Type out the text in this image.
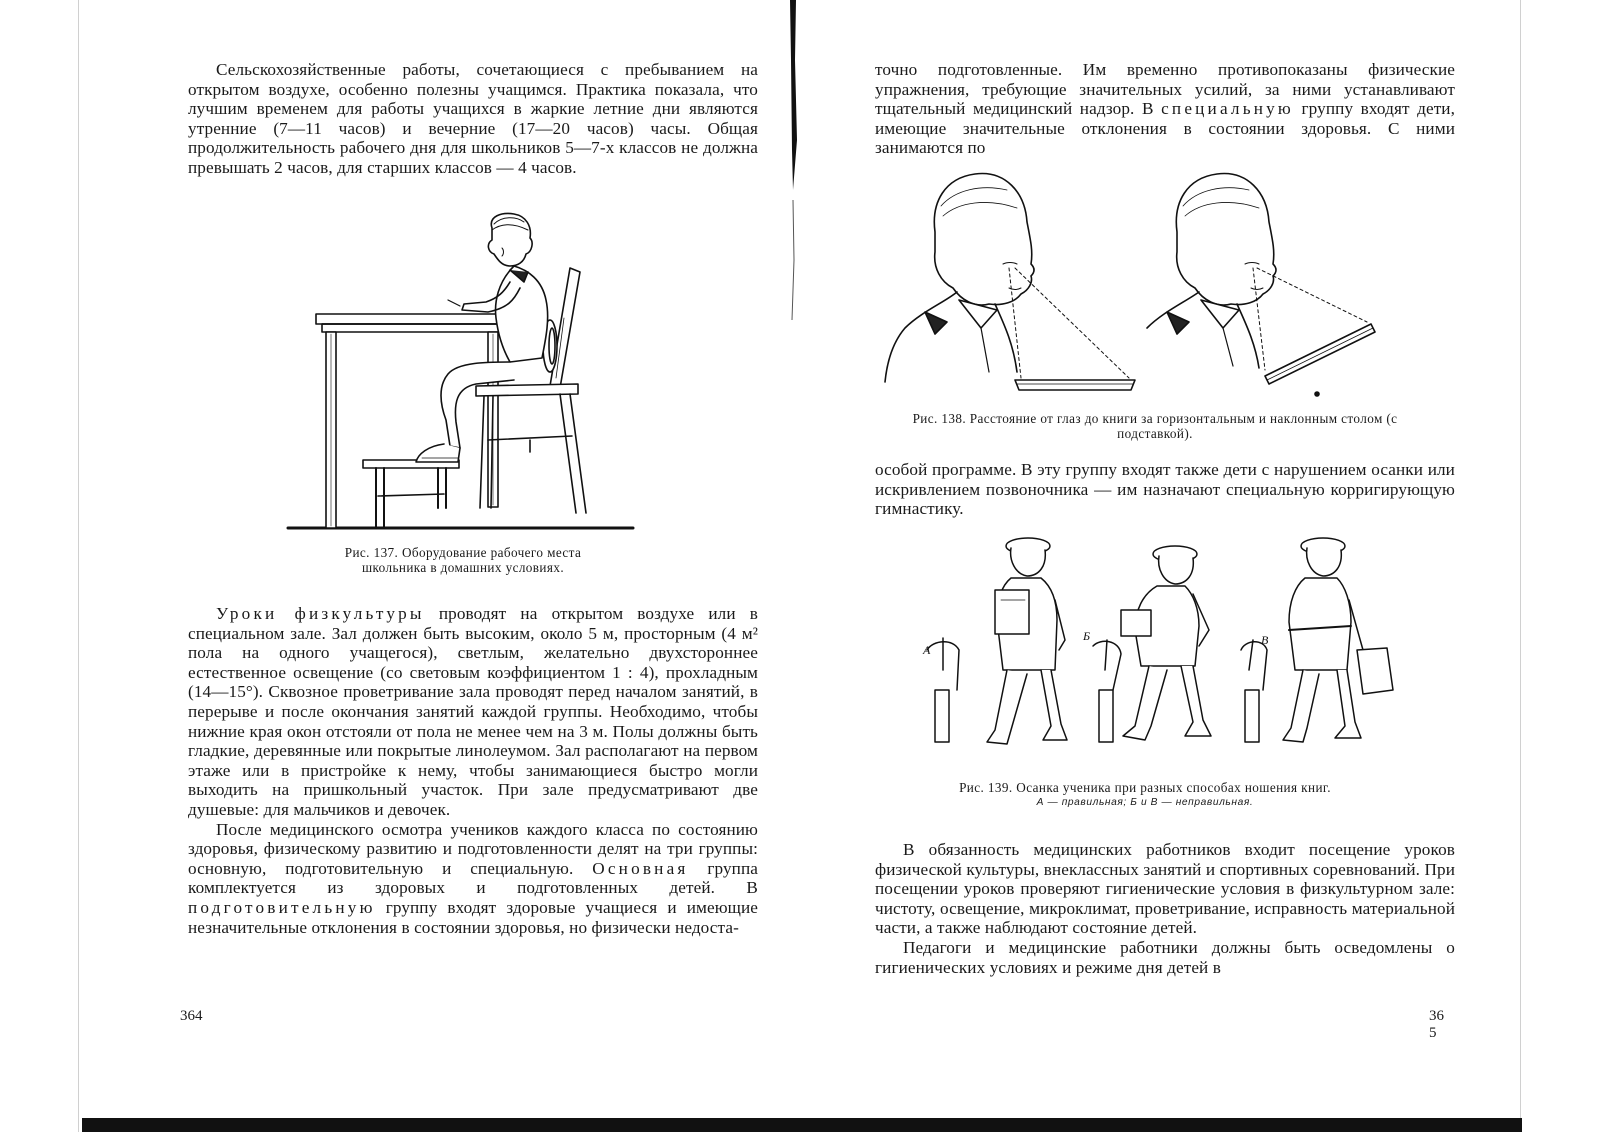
Сельскохозяйственные работы, сочетающиеся с пребыванием на открытом воздухе, особенно полезны учащимся. Практика показала, что лучшим временем для работы учащихся в жаркие летние дни являются утренние (7—11 часов) и вечерние (17—20 часов) часы. Общая продолжительность рабочего дня для школьников 5—7-х классов не должна превышать 2 часов, для старших классов — 4 часов.

Рис. 137. Оборудование рабочего места
школьника в домашних условиях.

Уроки физкультуры проводят на открытом воздухе или в специальном зале. Зал должен быть высоким, около 5 м, просторным (4 м² пола на одного учащегося), светлым, желательно двухстороннее естественное освещение (со световым коэффициентом 1 : 4), прохладным (14—15°). Сквозное проветривание зала проводят перед началом занятий, в перерыве и после окончания занятий каждой группы. Необходимо, чтобы нижние края окон отстояли от пола не менее чем на 3 м. Полы должны быть гладкие, деревянные или покрытые линолеумом. Зал располагают на первом этаже или в пристройке к нему, чтобы занимающиеся быстро могли выходить на пришкольный участок. При зале предусматривают две душевые: для мальчиков и девочек.

После медицинского осмотра учеников каждого класса по состоянию здоровья, физическому развитию и подготовленности делят на три группы: основную, подготовительную и специальную. Основная группа комплектуется из здоровых и подготовленных детей. В подготовительную группу входят здоровые учащиеся и имеющие незначительные отклонения в состоянии здоровья, но физически недоста-

364

точно подготовленные. Им временно противопоказаны физические упражнения, требующие значительных усилий, за ними устанавливают тщательный медицинский надзор. В специальную группу входят дети, имеющие значительные отклонения в состоянии здоровья. С ними занимаются по

Рис. 138. Расстояние от глаз до книги за горизонтальным и наклонным столом (с подставкой).

особой программе. В эту группу входят также дети с нарушением осанки или искривлением позвоночника — им назначают специальную корригирующую гимнастику.

А
Б	В
Рис. 139. Осанка ученика при разных способах ношения книг.
А — правильная; Б и В — неправильная.

В обязанность медицинских работников входит посещение уроков физической культуры, внеклассных занятий и спортивных соревнований. При посещении уроков проверяют гигиенические условия в физкультурном зале: чистоту, освещение, микроклимат, проветривание, исправность материальной части, а также наблюдают состояние детей.

Педагоги и медицинские работники должны быть осведомлены о гигиенических условиях и режиме дня детей в

36 5
